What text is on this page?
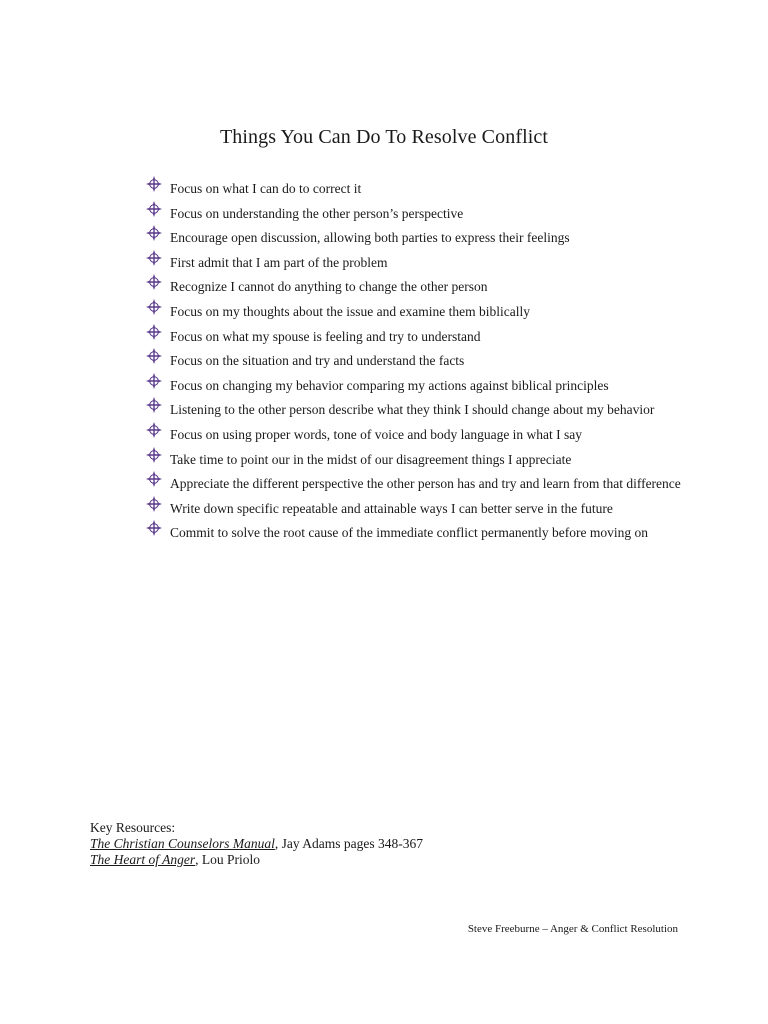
Things You Can Do To Resolve Conflict
Focus on what I can do to correct it
Focus on understanding the other person’s perspective
Encourage open discussion, allowing both parties to express their feelings
First admit that I am part of the problem
Recognize I cannot do anything to change the other person
Focus on my thoughts about the issue and examine them biblically
Focus on what my spouse is feeling and try to understand
Focus on the situation and try and understand the facts
Focus on changing my behavior comparing my actions against biblical principles
Listening to the other person describe what they think I should change about my behavior
Focus on using proper words, tone of voice and body language in what I say
Take time to point our in the midst of our disagreement things I appreciate
Appreciate the different perspective the other person has and try and learn from that difference
Write down specific repeatable and attainable ways I can better serve in the future
Commit to solve the root cause of the immediate conflict permanently before moving on
Key Resources:
The Christian Counselors Manual, Jay Adams pages 348-367
The Heart of Anger, Lou Priolo
Steve Freeburne – Anger & Conflict Resolution
